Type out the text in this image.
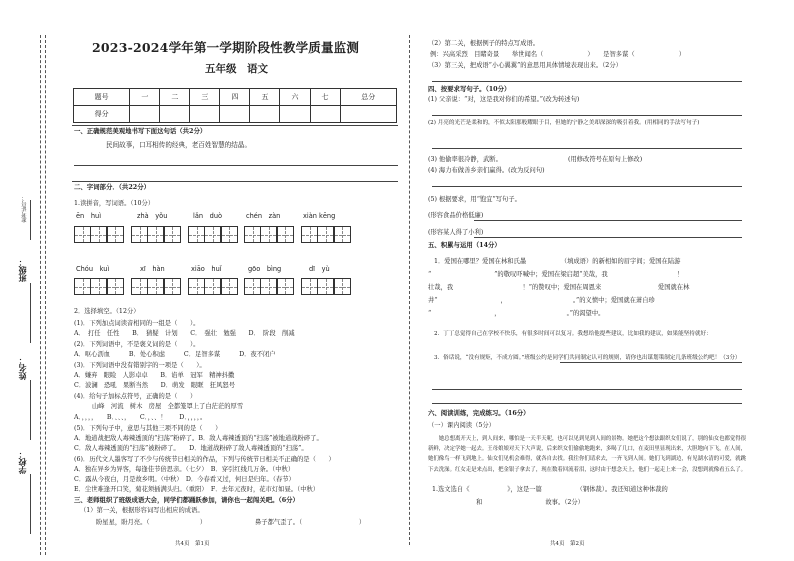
准考证号：
班级：
姓名：
学校：
2023-2024学年第一学期阶段性教学质量监测
五年级　语文
题号	一	二	三	四	五	六	七	总分
得分								
一、正确规范美观地书写下面这句话（共2分）
民间故事，口耳相传的经典，老百姓智慧的结晶。
二、字词部分．（共22分）
1.读拼音，写词语。（10分）
ēn　huì	zhà　yǒu	lǎn　duò	chén　zàn	xiàn kēng
Chóu　kuì	xī　hàn	xiāo　huǐ	gōo　bìng	dī　yù
2．选择填空。（12分）
(1)．下列加点词读音相同的一组是（　　）。
A．　打任　任性　　B．　猜疑　计划　　C．　强壮　勉强　　D．　阶段　削减
(2)．下列词语中，不是褒义词的是（　　）。
A．呕心沥血　　　B．处心积虑　　　C．足智多谋　　　D．夜不闭户
(3)．下列词语中没有错别字的一项是（　　）。
A．嫌弃　眼睑　人影卓卓　　B．谄单　冠军　精神抖擞
C．波澜　恐吼　果断当然　　D．萌发　眼眶　狂风怒号
(4)．给句子加标点符号，正确的是（　　）
山峰　河流　树木　房屋　全都笼罩上了白茫茫的厚雪
A．，，，，　　B．、、、，　　C．，、、！　　D．，，，，。
(5)．下列句子中，意思与其他三项不同的是（　　）
A．地道战把敌人毒辣透顶的“扫荡”粉碎了。B．敌人毒辣透顶的“扫荡”被地道战粉碎了。
C．敌人毒辣透顶的“扫荡”被粉碎了。　　D．地道战粉碎了敌人毒辣透顶的“扫荡”。
(6)．历代文人墨客写了不少与传统节日相关的作品，下列与传统节日相关不正确的是（　　）
A．独在异乡为异客，每逢佳节倍思亲。（七夕）　B．穿引红线几万条。（中秋）
C．露从今夜白，月是故乡明。（中秋）　D．今春看又过，何日是归年。（春节）
E．尘世难逢开口笑，菊花须插满头归。（重阳）　F．去年元夜时，花市灯如昼。（中秋）
三、老师组织了班级成语大会，同学们都踊跃参加，请你也一起闯关吧。（6分）
（1）第一关，根据形容词写出相应的成语。
盼星星，盼月亮。（　　　　　　　　）	鼻子都气歪了。（　　　　　　　　　）
共4页　第1页
（2）第二关，根据例子的特点写成语。
例：兴高采烈　目睹奇景　　举世闻名（　　　　　　　）　　是智多谋（　　　　　　　）
（3）第三关，把成语“小心翼翼”的意思用具体情境表现出来。（2分）
四、按要求写句子。（10分）
(1) 父亲说：“对，这是我对你们的希望。”(改为转述句)
(2) 月亮的光芒是柔和的，不似太阳那般耀眼于目，但她的宁静之美却深深的吸引着我。(用相同的手法写句子)
(3) 他偷率很冷静，武断。　　　　　　　　　　　(用修改符号在原句上修改)
(4) 海力布做善乡亲们赢得。(改为反问句)
(5) 根据要求，用“饱宜”写句子。
(形容食品价格低廉)
(形容某人得了小利)
五、积累与运用（14分）
1．爱国在哪里？爱国在林和氏墨　　　　　　（填成语）的新相如的眉宇间；爱国在陆游
“　　　　　　　　　　”的敬叹吓喊中；爱国在梁启超“美哉，我　　　　　　　　　　　！
壮哉，我　　　　　　　　　　　！”的赞叹中；爱国在周恩来　　　　　　　　　爱国就在林
井“　　　　　　　　　　，　　　　　　　　　　　。”的义愤中；爱国就在萧自珍
“　　　　　　　　　　，　　　　　　　　　　　。”的渴望中。
2．丁丁总觉得自己在学校不快乐，有很多时间可以复习。我想给他提些建议，比如我的建议，如果能坚持就好：
3．俗话说，“没有规矩，不成方圆。”班级公约是同学们共同制定认可的规则，请你也出谋划策制定几条班级公约吧！（3分）
六、阅读训练，完成练习。（16分）
（一）课内阅读（5分）
　　她总想离开天上，到人间来，哪怕是一天半天呢，也可以见到见到人间的景物。她把这个想法跟织女们说了，别的仙女也都觉得很新鲜，决定学她一起去。王母娘娘对天下大声说，后来织女们偷偷地跑来，多喝了几口，在麦田里显现出来，大胆地向下飞，在人间，她们像鸟一样飞到地上。仙女们见机会难得，就各自去找。我往你们请求去，一齐飞到人间。她们飞到湖边，有见湖水清的可爱，就跳下去洗澡。红女走是来点出，把金银子拿去了，现在数着回流着泪，这时由于想念天上，他们一起走上来一会，没想到就像看五么了。
1.选文选自《　　　　　　》，这是一篇　　　　　　（钢体裁）。我还知道这种体裁的　　　　　
　　　　　　　和　　　　　　　　　　故事。（2分）
共4页　第2页
